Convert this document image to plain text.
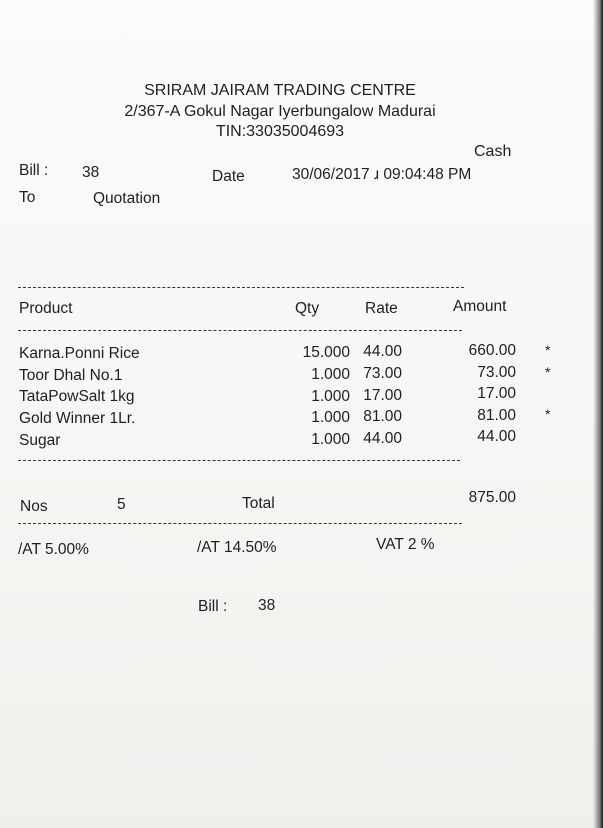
SRIRAM JAIRAM TRADING CENTRE
2/367-A Gokul Nagar Iyerbungalow Madurai
TIN:33035004693
Cash
Bill : 38	Date	30/06/2017 ɹ 09:04:48 PM
To	Quotation
Product	Qty	Rate	Amount
Karna.Ponni Rice	15.000 44.00	660.00 *
Toor Dhal No.1	1.000 73.00	73.00 *
TataPowSalt 1kg	1.000 17.00	17.00
Gold Winner 1Lr.	1.000 81.00	81.00 *
Sugar	1.000 44.00	44.00
Nos	5	Total	875.00
/AT 5.00%	/AT 14.50%	VAT 2 %
Bill : 38
